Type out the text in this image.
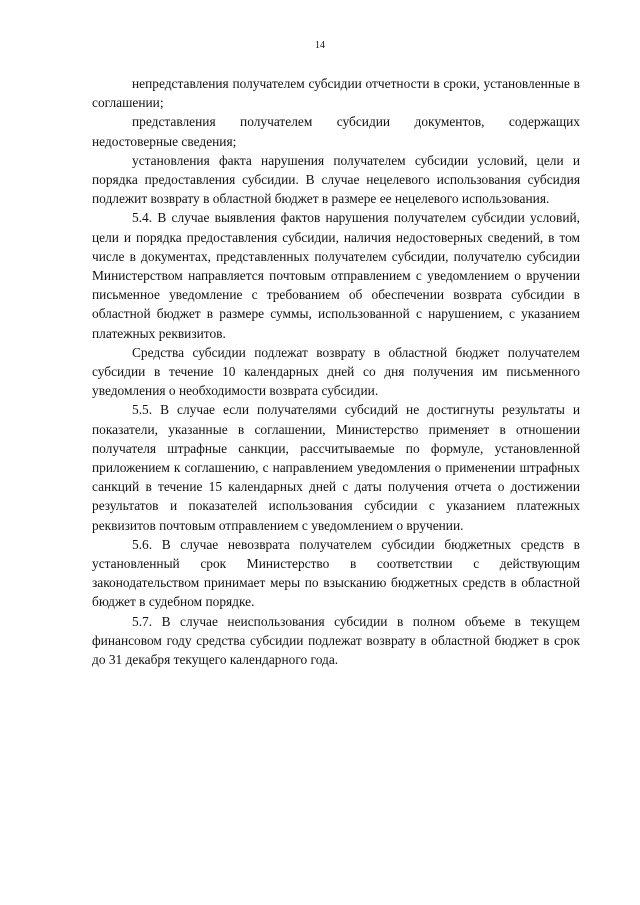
14

непредставления получателем субсидии отчетности в сроки, установленные в соглашении;

представления получателем субсидии документов, содержащих недостоверные сведения;

установления факта нарушения получателем субсидии условий, цели и порядка предоставления субсидии. В случае нецелевого использования субсидия подлежит возврату в областной бюджет в размере ее нецелевого использования.

5.4. В случае выявления фактов нарушения получателем субсидии условий, цели и порядка предоставления субсидии, наличия недостоверных сведений, в том числе в документах, представленных получателем субсидии, получателю субсидии Министерством направляется почтовым отправлением с уведомлением о вручении письменное уведомление с требованием об обеспечении возврата субсидии в областной бюджет в размере суммы, использованной с нарушением, с указанием платежных реквизитов.

Средства субсидии подлежат возврату в областной бюджет получателем субсидии в течение 10 календарных дней со дня получения им письменного уведомления о необходимости возврата субсидии.

5.5. В случае если получателями субсидий не достигнуты результаты и показатели, указанные в соглашении, Министерство применяет в отношении получателя штрафные санкции, рассчитываемые по формуле, установленной приложением к соглашению, с направлением уведомления о применении штрафных санкций в течение 15 календарных дней с даты получения отчета о достижении результатов и показателей использования субсидии с указанием платежных реквизитов почтовым отправлением с уведомлением о вручении.

5.6. В случае невозврата получателем субсидии бюджетных средств в установленный срок Министерство в соответствии с действующим законодательством принимает меры по взысканию бюджетных средств в областной бюджет в судебном порядке.

5.7. В случае неиспользования субсидии в полном объеме в текущем финансовом году средства субсидии подлежат возврату в областной бюджет в срок до 31 декабря текущего календарного года.
